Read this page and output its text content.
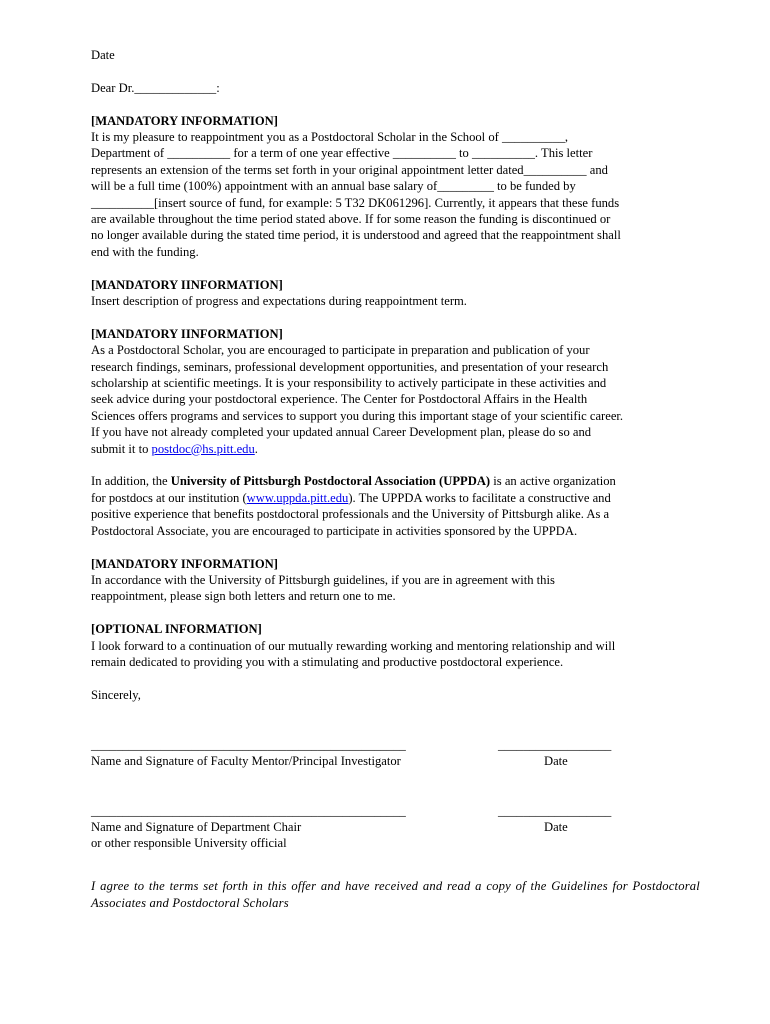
Date

Dear Dr._____________:

[MANDATORY INFORMATION]

It is my pleasure to reappointment you as a Postdoctoral Scholar in the School of __________,

Department of __________ for a term of one year effective __________ to __________. This letter

represents an extension of the terms set forth in your original appointment letter dated__________ and

will be a full time (100%) appointment with an annual base salary of_________ to be funded by

__________[insert source of fund, for example: 5 T32 DK061296]. Currently, it appears that these funds

are available throughout the time period stated above. If for some reason the funding is discontinued or

no longer available during the stated time period, it is understood and agreed that the reappointment shall

end with the funding.

[MANDATORY IINFORMATION]

Insert description of progress and expectations during reappointment term.

[MANDATORY IINFORMATION]

As a Postdoctoral Scholar, you are encouraged to participate in preparation and publication of your

research findings, seminars, professional development opportunities, and presentation of your research

scholarship at scientific meetings. It is your responsibility to actively participate in these activities and

seek advice during your postdoctoral experience. The Center for Postdoctoral Affairs in the Health

Sciences offers programs and services to support you during this important stage of your scientific career.

If you have not already completed your updated annual Career Development plan, please do so and

submit it to postdoc@hs.pitt.edu.

In addition, the University of Pittsburgh Postdoctoral Association (UPPDA) is an active organization

for postdocs at our institution (www.uppda.pitt.edu). The UPPDA works to facilitate a constructive and

positive experience that benefits postdoctoral professionals and the University of Pittsburgh alike. As a

Postdoctoral Associate, you are encouraged to participate in activities sponsored by the UPPDA.

[MANDATORY INFORMATION]

In accordance with the University of Pittsburgh guidelines, if you are in agreement with this

reappointment, please sign both letters and return one to me.

[OPTIONAL INFORMATION]

I look forward to a continuation of our mutually rewarding working and mentoring relationship and will

remain dedicated to providing you with a stimulating and productive postdoctoral experience.

Sincerely,

__________________________________________________	__________________
Name and Signature of Faculty Mentor/Principal Investigator	Date
__________________________________________________	__________________
Name and Signature of Department Chair	Date
or other responsible University official

I agree to the terms set forth in this offer and have received and read a copy of the Guidelines for Postdoctoral Associates and Postdoctoral Scholars
